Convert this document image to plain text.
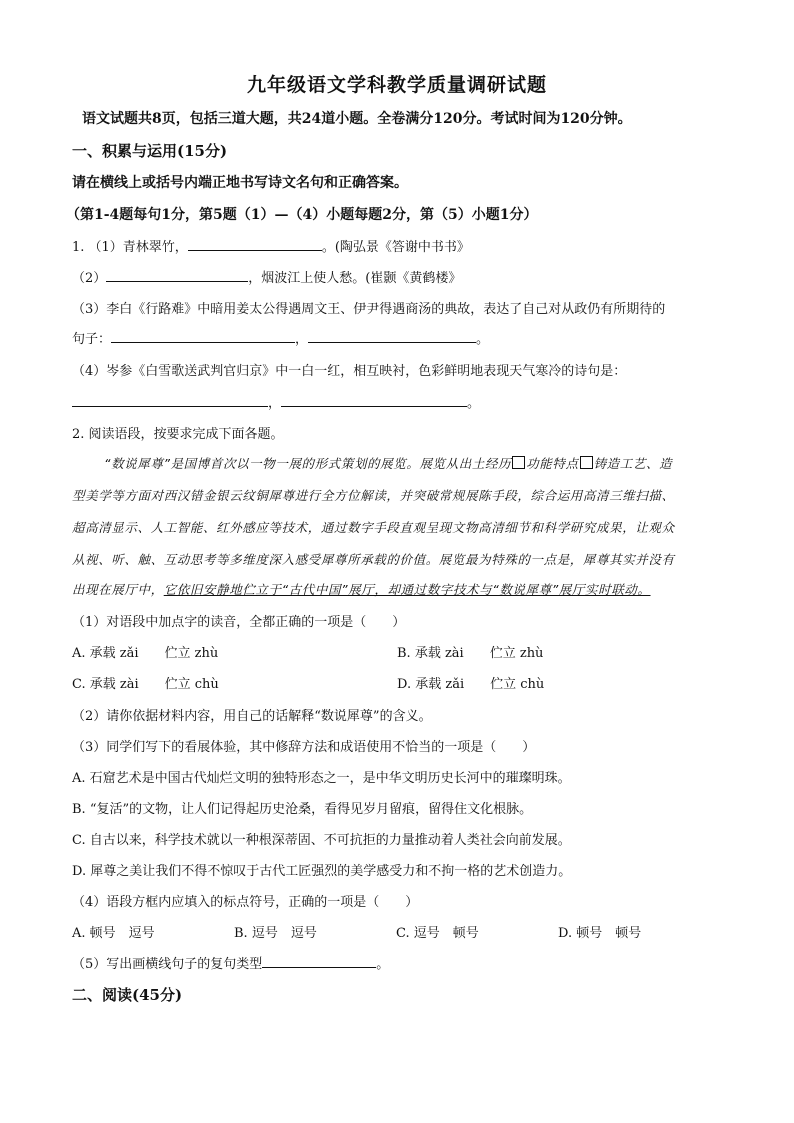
九年级语文学科教学质量调研试题
语文试题共8页，包括三道大题，共24道小题。全卷满分120分。考试时间为120分钟。
一、积累与运用(15分)
请在横线上或括号内端正地书写诗文名句和正确答案。
（第1-4题每句1分，第5题（1）—（4）小题每题2分，第（5）小题1分）
1. （1）青林翠竹，	。(陶弘景《答谢中书书》
（2）	，烟波江上使人愁。(崔颢《黄鹤楼》
（3）李白《行路难》中暗用姜太公得遇周文王、伊尹得遇商汤的典故，表达了自己对从政仍有所期待的
句子：	，	。
（4）岑参《白雪歌送武判官归京》中一白一红，相互映衬，色彩鲜明地表现天气寒冷的诗句是：
，	。
2. 阅读语段，按要求完成下面各题。
“数说犀尊”是国博首次以一物一展的形式策划的展览。展览从出土经历 功能特点 铸造工艺、造
型美学等方面对西汉错金银云纹铜犀尊进行全方位解读，并突破常规展陈手段，综合运用高清三维扫描、
超高清显示、人工智能、红外感应等技术，通过数字手段直观呈现文物高清细节和科学研究成果，让观众
从视、听、触、互动思考等多维度深入感受犀尊所承载的价值。展览最为特殊的一点是，犀尊其实并没有
出现在展厅中，它依旧安静地伫立于“古代中国”展厅，却通过数字技术与“数说犀尊”展厅实时联动。
（1）对语段中加点字的读音，全都正确的一项是（　　）
A. 承载 zǎi　　伫立 zhù	B. 承载 zài　　伫立 zhù
C. 承载 zài　　伫立 chù	D. 承载 zǎi　　伫立 chù
（2）请你依据材料内容，用自己的话解释“数说犀尊”的含义。
（3）同学们写下的看展体验，其中修辞方法和成语使用不恰当的一项是（　　）
A. 石窟艺术是中国古代灿烂文明的独特形态之一，是中华文明历史长河中的璀璨明珠。
B. “复活”的文物，让人们记得起历史沧桑，看得见岁月留痕，留得住文化根脉。
C. 自古以来，科学技术就以一种根深蒂固、不可抗拒的力量推动着人类社会向前发展。
D. 犀尊之美让我们不得不惊叹于古代工匠强烈的美学感受力和不拘一格的艺术创造力。
（4）语段方框内应填入的标点符号，正确的一项是（　　）
A. 顿号　逗号	B. 逗号　逗号	C. 逗号　顿号	D. 顿号　顿号
（5）写出画横线句子的复句类型	。
二、阅读(45分)
